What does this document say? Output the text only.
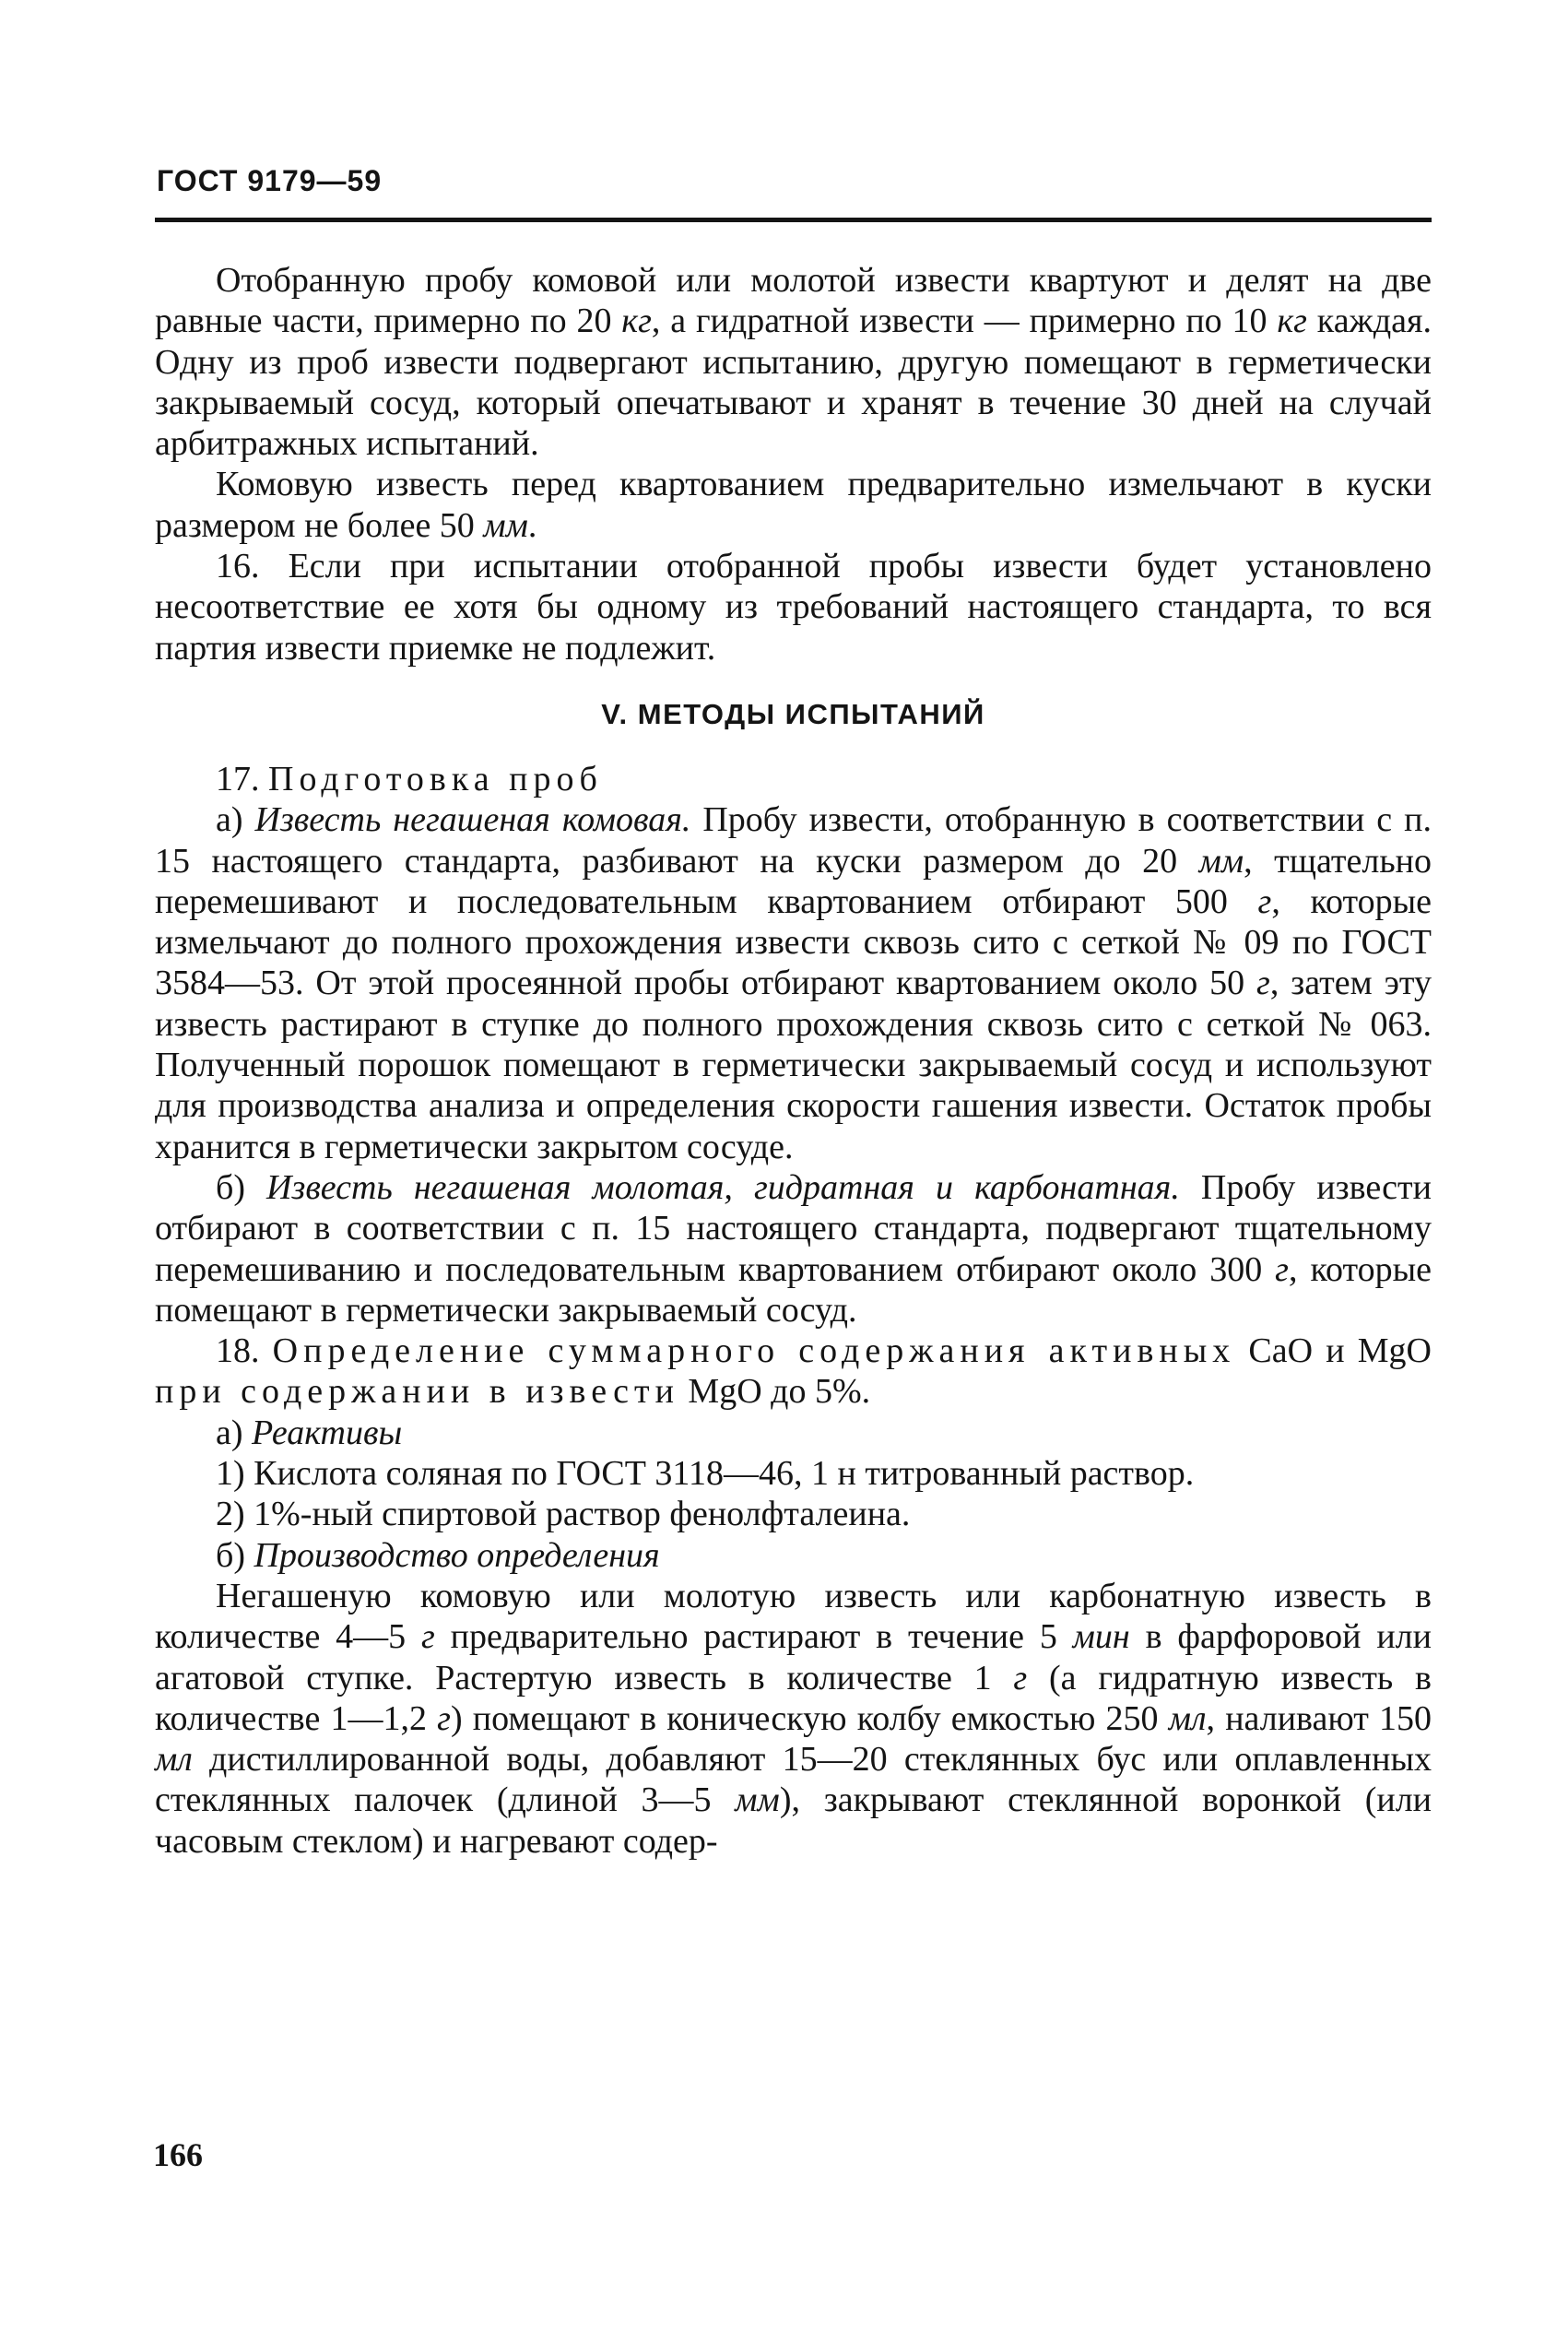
ГОСТ 9179—59

Отобранную пробу комовой или молотой извести квартуют и делят на две равные части, примерно по 20 кг, а гидратной извести — примерно по 10 кг каждая. Одну из проб извести подвергают испытанию, другую помещают в герметически закрываемый сосуд, который опечатывают и хранят в течение 30 дней на случай арбитражных испытаний.

Комовую известь перед квартованием предварительно измельчают в куски размером не более 50 мм.

16. Если при испытании отобранной пробы извести будет установлено несоответствие ее хотя бы одному из требований настоящего стандарта, то вся партия извести приемке не подлежит.

V. МЕТОДЫ ИСПЫТАНИЙ

17. Подготовка проб

а) Известь негашеная комовая. Пробу извести, отобранную в соответствии с п. 15 настоящего стандарта, разбивают на куски размером до 20 мм, тщательно перемешивают и последовательным квартованием отбирают 500 г, которые измельчают до полного прохождения извести сквозь сито с сеткой № 09 по ГОСТ 3584—53. От этой просеянной пробы отбирают квартованием около 50 г, затем эту известь растирают в ступке до полного прохождения сквозь сито с сеткой № 063. Полученный порошок помещают в герметически закрываемый сосуд и используют для производства анализа и определения скорости гашения извести. Остаток пробы хранится в герметически закрытом сосуде.

б) Известь негашеная молотая, гидратная и карбонатная. Пробу извести отбирают в соответствии с п. 15 настоящего стандарта, подвергают тщательному перемешиванию и последовательным квартованием отбирают около 300 г, которые помещают в герметически закрываемый сосуд.

18. Определение суммарного содержания активных CaO и MgO при содержании в извести MgO до 5%.

а) Реактивы

1) Кислота соляная по ГОСТ 3118—46, 1 н титрованный раствор.

2) 1%-ный спиртовой раствор фенолфталеина.

б) Производство определения

Негашеную комовую или молотую известь или карбонатную известь в количестве 4—5 г предварительно растирают в течение 5 мин в фарфоровой или агатовой ступке. Растертую известь в количестве 1 г (а гидратную известь в количестве 1—1,2 г) помещают в коническую колбу емкостью 250 мл, наливают 150 мл дистиллированной воды, добавляют 15—20 стеклянных бус или оплавленных стеклянных палочек (длиной 3—5 мм), закрывают стеклянной воронкой (или часовым стеклом) и нагревают содер-

166
